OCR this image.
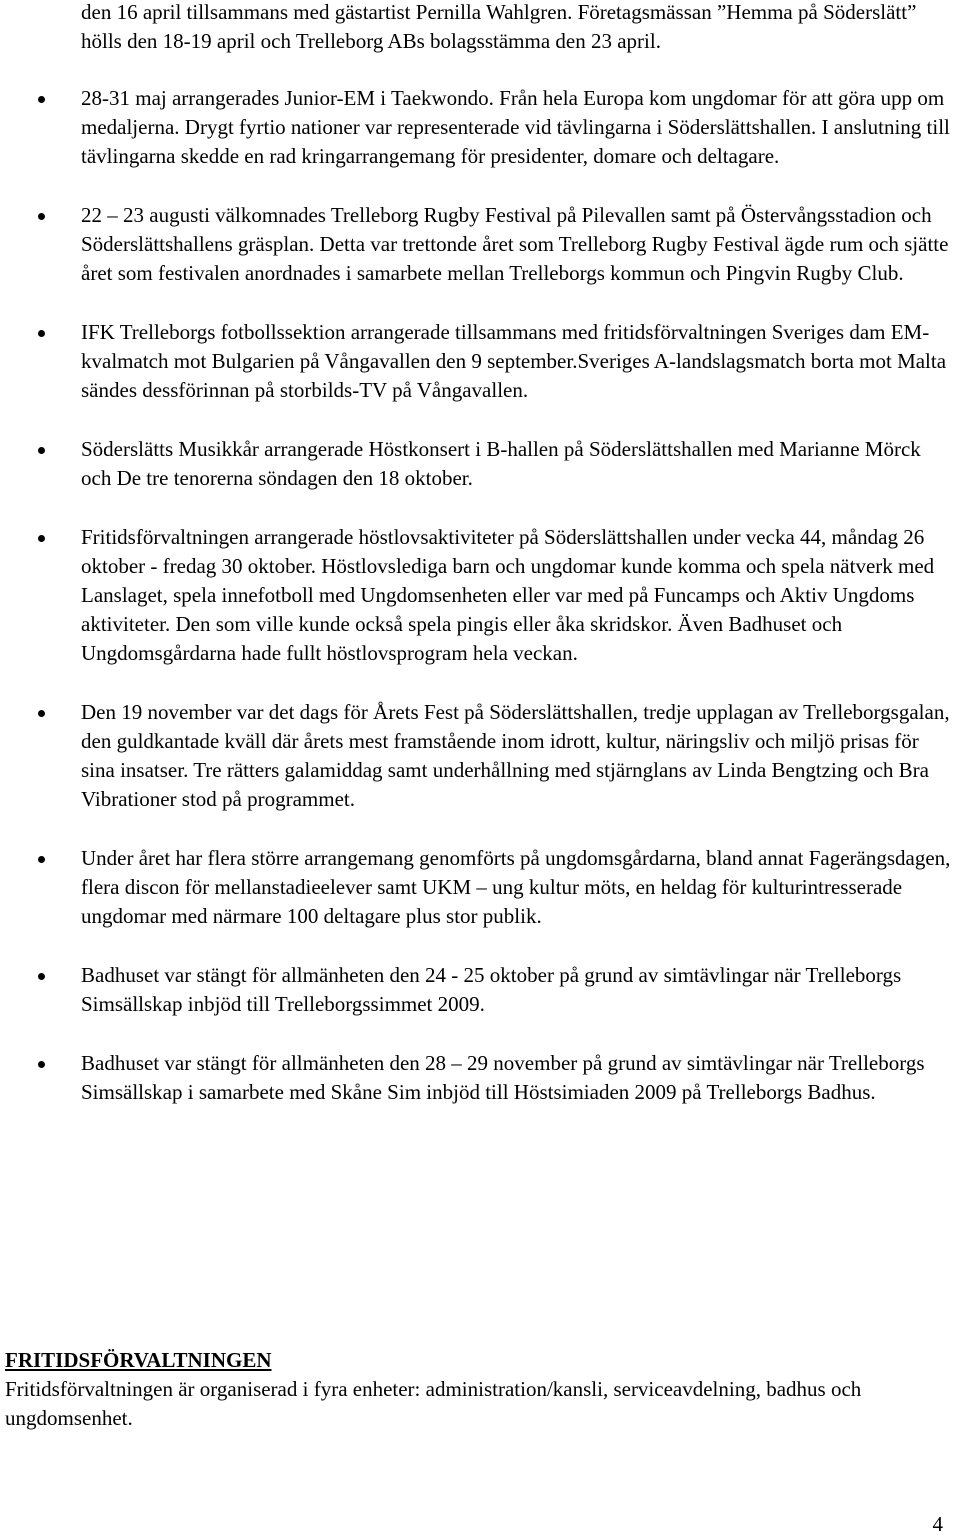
den 16 april tillsammans med gästartist Pernilla Wahlgren. Företagsmässan ”Hemma på Söderslätt” hölls den 18-19 april och Trelleborg ABs bolagsstämma den 23 april.

28-31 maj arrangerades Junior-EM i Taekwondo. Från hela Europa kom ungdomar för att göra upp om medaljerna. Drygt fyrtio nationer var representerade vid tävlingarna i Söderslättshallen. I anslutning till tävlingarna skedde en rad kringarrangemang för presidenter, domare och deltagare.
22 – 23 augusti välkomnades Trelleborg Rugby Festival på Pilevallen samt på Östervångsstadion och Söderslättshallens gräsplan. Detta var trettonde året som Trelleborg Rugby Festival ägde rum och sjätte året som festivalen anordnades i samarbete mellan Trelleborgs kommun och Pingvin Rugby Club.
IFK Trelleborgs fotbollssektion arrangerade tillsammans med fritidsförvaltningen Sveriges dam EM-kvalmatch mot Bulgarien på Vångavallen den 9 september.Sveriges A-landslagsmatch borta mot Malta sändes dessförinnan på storbilds-TV på Vångavallen.
Söderslätts Musikkår arrangerade Höstkonsert i B-hallen på Söderslättshallen med Marianne Mörck och De tre tenorerna söndagen den 18 oktober.
Fritidsförvaltningen arrangerade höstlovsaktiviteter på Söderslättshallen under vecka 44, måndag 26 oktober - fredag 30 oktober. Höstlovslediga barn och ungdomar kunde komma och spela nätverk med Lanslaget, spela innefotboll med Ungdomsenheten eller var med på Funcamps och Aktiv Ungdoms aktiviteter. Den som ville kunde också spela pingis eller åka skridskor. Även Badhuset och Ungdomsgårdarna hade fullt höstlovsprogram hela veckan.
Den 19 november var det dags för Årets Fest på Söderslättshallen, tredje upplagan av Trelleborgsgalan, den guldkantade kväll där årets mest framstående inom idrott, kultur, näringsliv och miljö prisas för sina insatser. Tre rätters galamiddag samt underhållning med stjärnglans av Linda Bengtzing och Bra Vibrationer stod på programmet.
Under året har flera större arrangemang genomförts på ungdomsgårdarna, bland annat Fagerängsdagen, flera discon för mellanstadieelever samt UKM – ung kultur möts, en heldag för kulturintresserade ungdomar med närmare 100 deltagare plus stor publik.
Badhuset var stängt för allmänheten den 24 - 25 oktober på grund av simtävlingar när Trelleborgs Simsällskap inbjöd till Trelleborgssimmet 2009.
Badhuset var stängt för allmänheten den 28 – 29 november på grund av simtävlingar när Trelleborgs Simsällskap i samarbete med Skåne Sim inbjöd till Höstsimiaden 2009 på Trelleborgs Badhus.
FRITIDSFÖRVALTNINGEN

Fritidsförvaltningen är organiserad i fyra enheter: administration/kansli, serviceavdelning, badhus och ungdomsenhet.

4
